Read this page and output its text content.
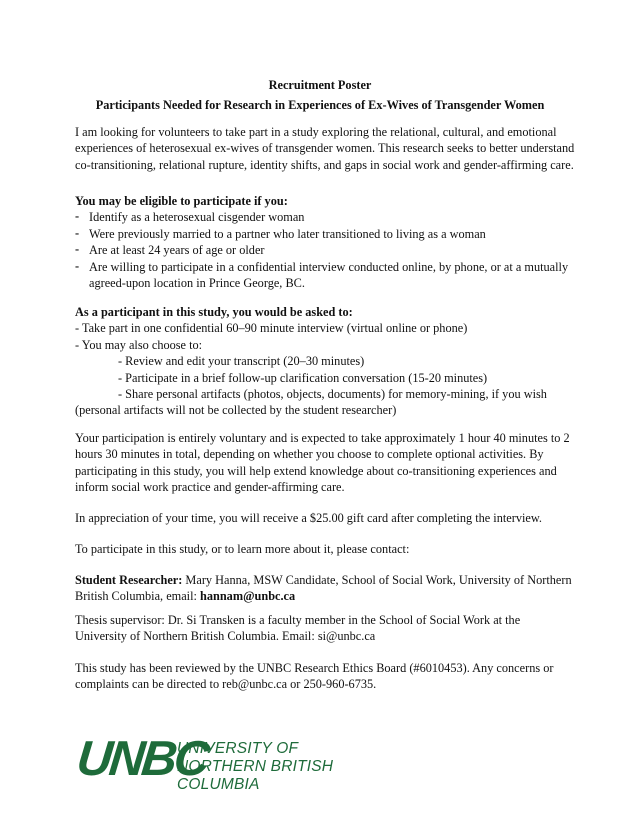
Recruitment Poster
Participants Needed for Research in Experiences of Ex-Wives of Transgender Women

I am looking for volunteers to take part in a study exploring the relational, cultural, and emotional experiences of heterosexual ex-wives of transgender women. This research seeks to better understand co-transitioning, relational rupture, identity shifts, and gaps in social work and gender-affirming care.

You may be eligible to participate if you:

- Identify as a heterosexual cisgender woman
- Were previously married to a partner who later transitioned to living as a woman
- Are at least 24 years of age or older
- Are willing to participate in a confidential interview conducted online, by phone, or at a mutually agreed-upon location in Prince George, BC.

As a participant in this study, you would be asked to:

- Take part in one confidential 60–90 minute interview (virtual online or phone)

- You may also choose to:

- Review and edit your transcript (20–30 minutes)

- Participate in a brief follow-up clarification conversation (15-20 minutes)

- Share personal artifacts (photos, objects, documents) for memory-mining, if you wish

(personal artifacts will not be collected by the student researcher)

Your participation is entirely voluntary and is expected to take approximately 1 hour 40 minutes to 2 hours 30 minutes in total, depending on whether you choose to complete optional activities. By participating in this study, you will help extend knowledge about co-transitioning experiences and inform social work practice and gender-affirming care.

In appreciation of your time, you will receive a $25.00 gift card after completing the interview.

To participate in this study, or to learn more about it, please contact:

Student Researcher: Mary Hanna, MSW Candidate, School of Social Work, University of Northern British Columbia, email: hannam@unbc.ca

Thesis supervisor: Dr. Si Transken is a faculty member in the School of Social Work at the University of Northern British Columbia. Email: si@unbc.ca

This study has been reviewed by the UNBC Research Ethics Board (#6010453). Any concerns or complaints can be directed to reb@unbc.ca or 250-960-6735.

UNBC
UNIVERSITY OF
NORTHERN BRITISH COLUMBIA
